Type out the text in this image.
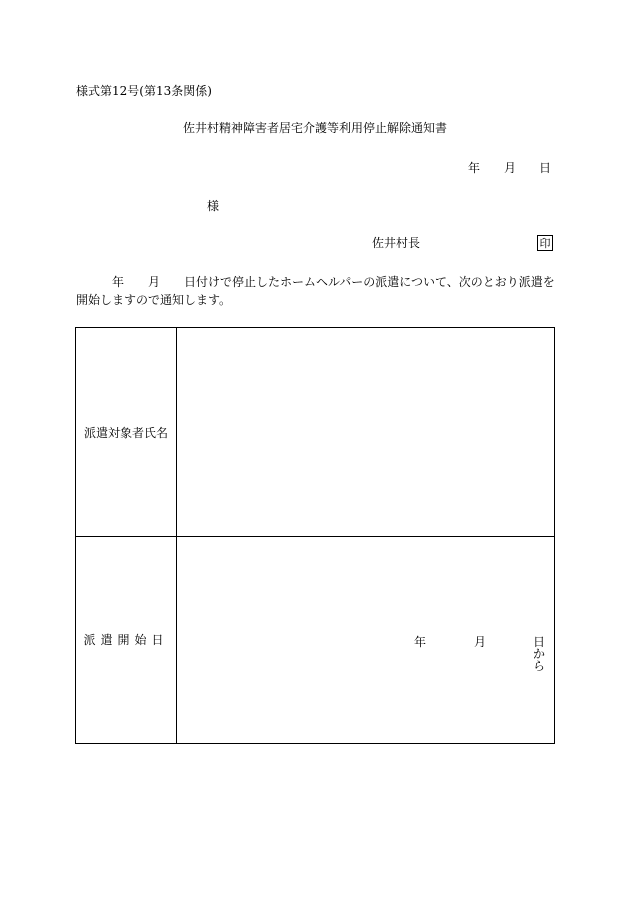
様式第12号(第13条関係)
佐井村精神障害者居宅介護等利用停止解除通知書
年 月 日
様
佐井村長	印
年 月 日付けで停止したホームヘルパーの派遣について、次のとおり派遣を
開始しますので通知します。
派遣対象者氏名
派遣開始日	年	月	日から
